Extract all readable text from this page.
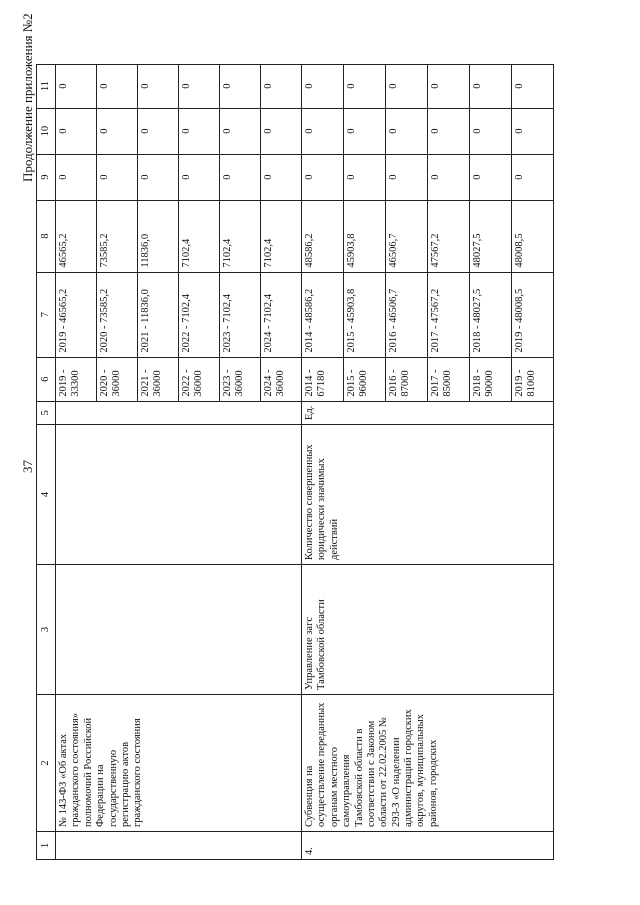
37
Продолжение приложения №2
1	2	3	4	5	6	7	8	9	10	11
	№ 143-ФЗ «Об актах гражданского состояния» полномочий Российской Федерации на государственную регистрацию актов гражданского состояния				2019 - 33300	2019 - 46565,2	46565,2	0	0	0

					2020 - 36000	2020 - 73585,2	73585,2	0	0	0

					2021 - 36000	2021 - 11836,0	11836,0	0	0	0

					2022 - 36000	2022 - 7102,4	7102,4	0	0	0

					2023 - 36000	2023 - 7102,4	7102,4	0	0	0

					2024 - 36000	2024 - 7102,4	7102,4	0	0	0
4.	Субвенция на осуществление переданных органам местного самоуправления Тамбовской области в соответствии с Законом области от 22.02.2005 № 293-З «О наделении администраций городских округов, муниципальных районов, городских	Управление загс Тамбовской области	Количество совершенных юридически значимых действий	Ед.	2014 - 67180	2014 - 48586,2	48586,2	0	0	0

					2015 - 96000	2015 - 45903,8	45903,8	0	0	0

					2016 - 87000	2016 - 46506,7	46506,7	0	0	0

					2017 - 85000	2017 - 47567,2	47567,2	0	0	0

					2018 - 90000	2018 - 48027,5	48027,5	0	0	0

					2019 - 81000	2019 - 48008,5	48008,5	0	0	0
